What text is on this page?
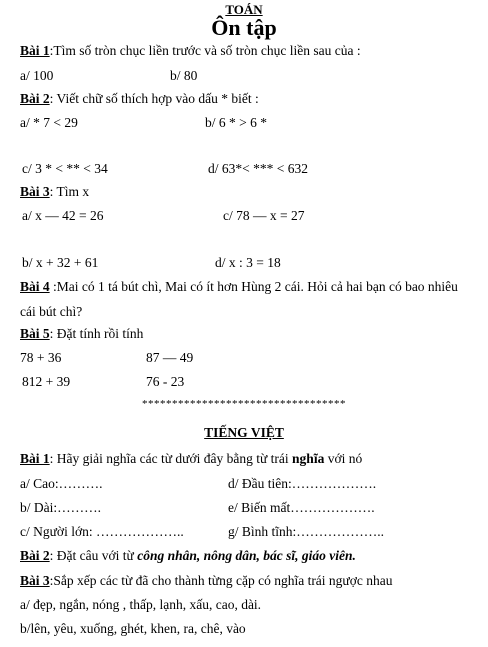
TOÁN
Ôn tập
Bài 1:Tìm số tròn chục liền trước và số tròn chục liền sau của :
a/ 100	b/ 80
Bài 2: Viết chữ số thích hợp vào dấu * biết :
a/ * 7 < 29	b/ 6 * > 6 *
c/ 3 * < ** < 34	d/ 63*< *** < 632
Bài 3: Tìm x
a/ x — 42 = 26	c/ 78 — x = 27
b/ x + 32 + 61	d/ x : 3 = 18
Bài 4 :Mai có 1 tá bút chì, Mai có ít hơn Hùng 2 cái. Hỏi cả hai bạn có bao nhiêu
cái bút chì?
Bài 5: Đặt tính rồi tính
78 + 36	87 — 49
812 + 39	76 - 23
**********************************
TIẾNG VIỆT
Bài 1: Hãy giải nghĩa các từ dưới đây bằng từ trái nghĩa với nó
a/ Cao:……….	d/ Đầu tiên:……………….
b/ Dài:……….	e/ Biến mất……………….
c/ Người lớn: ………………..	g/ Bình tĩnh:………………..
Bài 2: Đặt câu với từ công nhân, nông dân, bác sĩ, giáo viên.
Bài 3:Sắp xếp các từ đã cho thành từng cặp có nghĩa trái ngược nhau
a/ đẹp, ngắn, nóng , thấp, lạnh, xấu, cao, dài.
b/lên, yêu, xuống, ghét, khen, ra, chê, vào
